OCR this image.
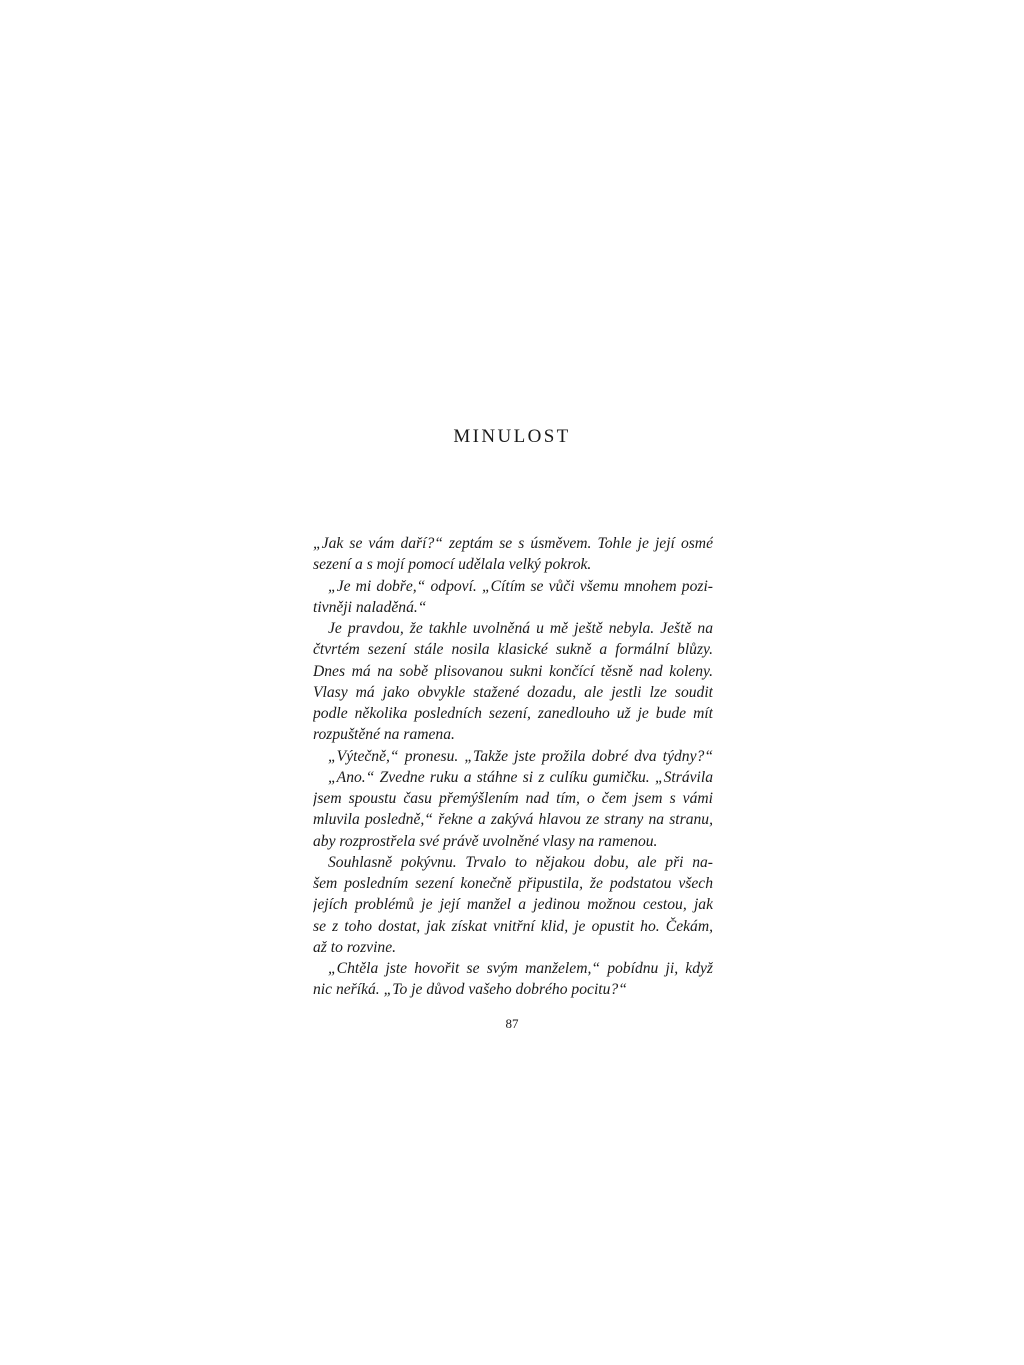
MINULOST
„Jak se vám daří?“ zeptám se s úsměvem. Tohle je její osmé
sezení a s mojí pomocí udělala velký pokrok.
„Je mi dobře,“ odpoví. „Cítím se vůči všemu mnohem pozi-
tivněji naladěná.“
Je pravdou, že takhle uvolněná u mě ještě nebyla. Ještě na
čtvrtém sezení stále nosila klasické sukně a formální blůzy.
Dnes má na sobě plisovanou sukni končící těsně nad koleny.
Vlasy má jako obvykle stažené dozadu, ale jestli lze soudit
podle několika posledních sezení, zanedlouho už je bude mít
rozpuštěné na ramena.
„Výtečně,“ pronesu. „Takže jste prožila dobré dva týdny?“
„Ano.“ Zvedne ruku a stáhne si z culíku gumičku. „Strávila
jsem spoustu času přemýšlením nad tím, o čem jsem s vámi
mluvila posledně,“ řekne a zakývá hlavou ze strany na stranu,
aby rozprostřela své právě uvolněné vlasy na ramenou.
Souhlasně pokývnu. Trvalo to nějakou dobu, ale při na-
šem posledním sezení konečně připustila, že podstatou všech
jejích problémů je její manžel a jedinou možnou cestou, jak
se z toho dostat, jak získat vnitřní klid, je opustit ho. Čekám,
až to rozvine.
„Chtěla jste hovořit se svým manželem,“ pobídnu ji, když
nic neříká. „To je důvod vašeho dobrého pocitu?“
87
